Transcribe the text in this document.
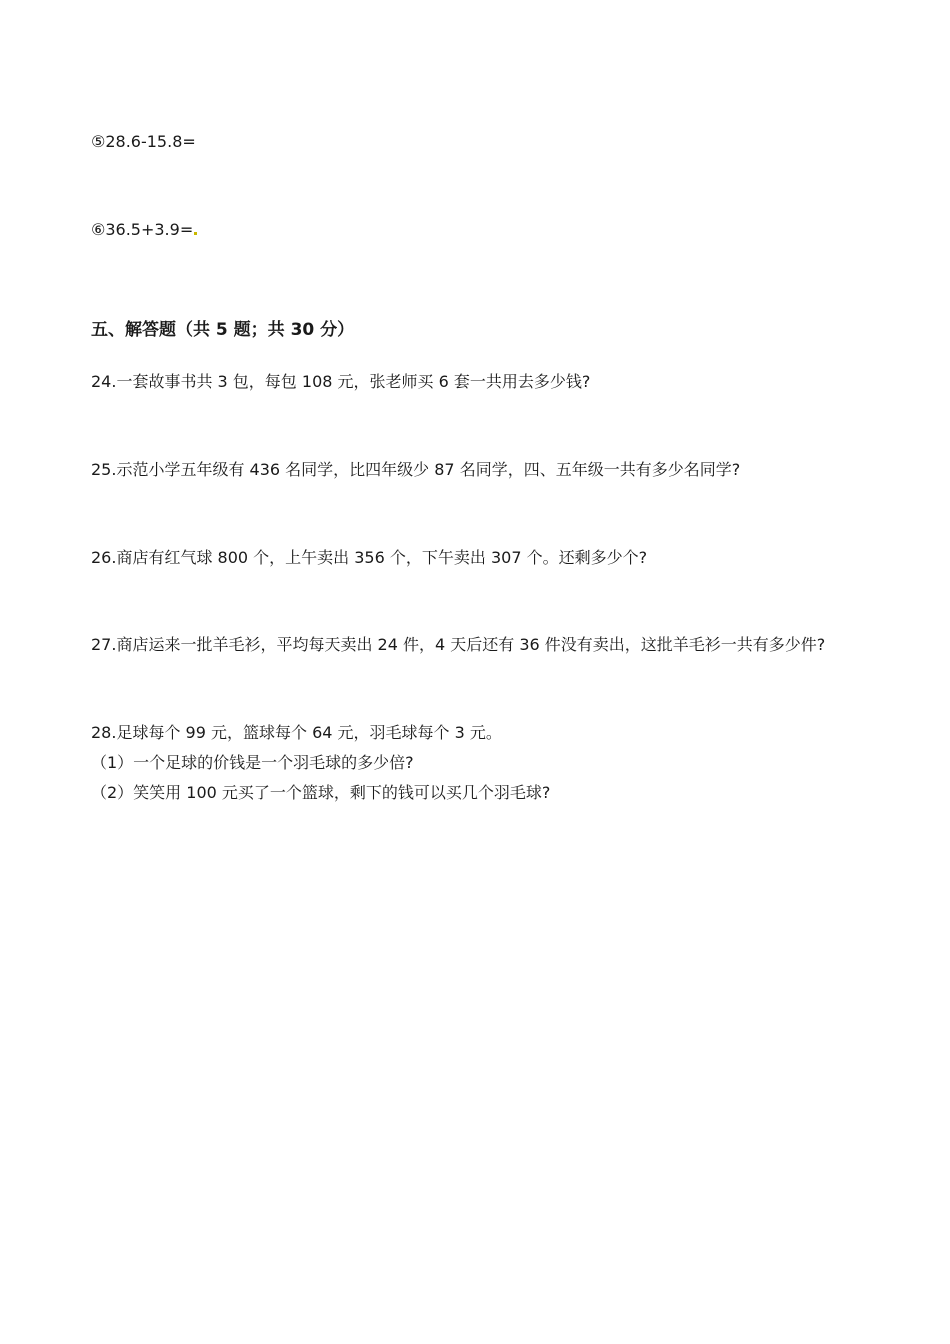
⑤28.6-15.8=
⑥36.5+3.9=
五、解答题（共 5 题；共 30 分）
24.一套故事书共 3 包，每包 108 元，张老师买 6 套一共用去多少钱?
25.示范小学五年级有 436 名同学，比四年级少 87 名同学，四、五年级一共有多少名同学?
26.商店有红气球 800 个，上午卖出 356 个，下午卖出 307 个。还剩多少个?
27.商店运来一批羊毛衫，平均每天卖出 24 件，4 天后还有 36 件没有卖出，这批羊毛衫一共有多少件?
28.足球每个 99 元，篮球每个 64 元，羽毛球每个 3 元。
（1）一个足球的价钱是一个羽毛球的多少倍?
（2）笑笑用 100 元买了一个篮球，剩下的钱可以买几个羽毛球?
